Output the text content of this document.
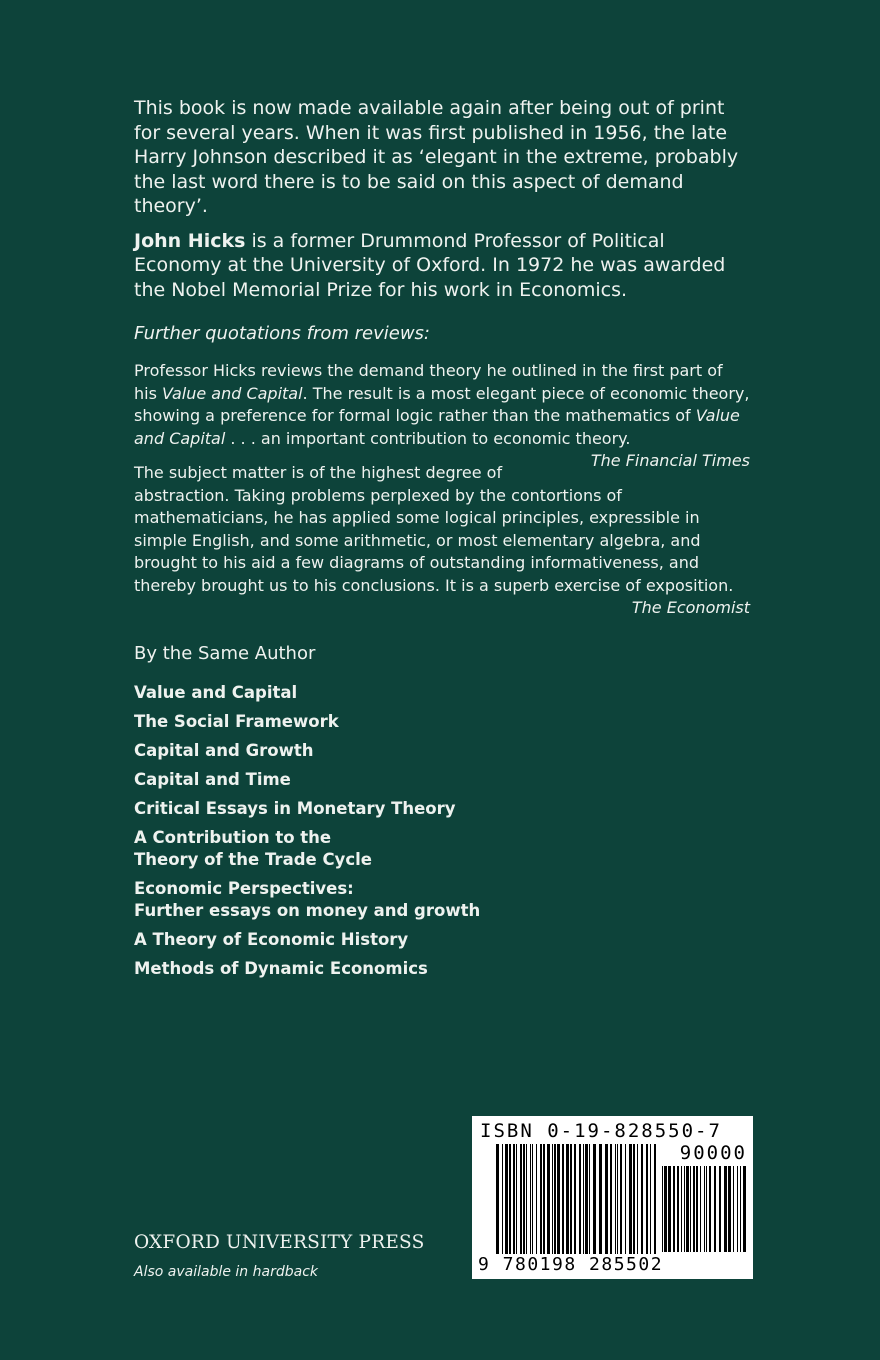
This book is now made available again after being out of print for several years. When it was first published in 1956, the late Harry Johnson described it as ‘elegant in the extreme, probably the last word there is to be said on this aspect of demand theory’.

John Hicks is a former Drummond Professor of Political Economy at the University of Oxford. In 1972 he was awarded the Nobel Memorial Prize for his work in Economics.

Further quotations from reviews:

Professor Hicks reviews the demand theory he outlined in the first part of his Value and Capital. The result is a most elegant piece of economic theory, showing a preference for formal logic rather than the mathematics of Value and Capital . . . an important contribution to economic theory.
The Financial Times

The subject matter is of the highest degree of abstraction. Taking problems perplexed by the contortions of mathematicians, he has applied some logical principles, expressible in simple English, and some arithmetic, or most elementary algebra, and brought to his aid a few diagrams of outstanding informativeness, and thereby brought us to his conclusions. It is a superb exercise of exposition.
The Economist

By the Same Author

Value and Capital
The Social Framework
Capital and Growth
Capital and Time
Critical Essays in Monetary Theory
A Contribution to the
Theory of the Trade Cycle
Economic Perspectives:
Further essays on money and growth
A Theory of Economic History
Methods of Dynamic Economics
OXFORD UNIVERSITY PRESS
Also available in hardback
ISBN 0-19-828550-7
90000
9 780198 285502
